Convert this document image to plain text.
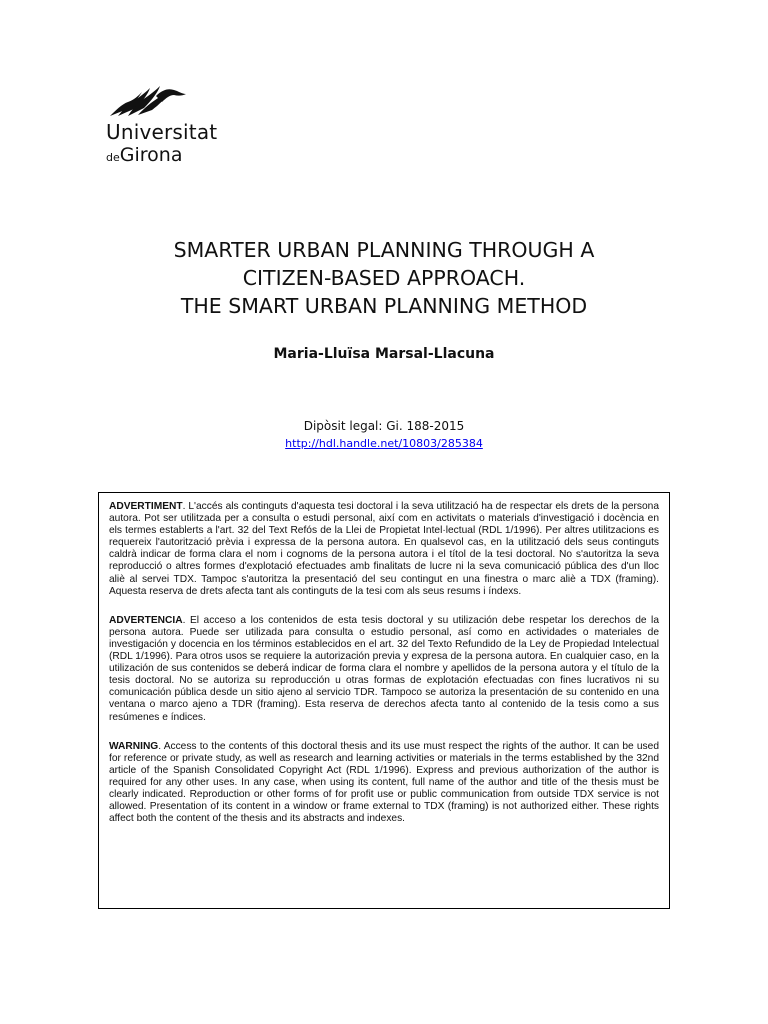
Universitat
deGirona
SMARTER URBAN PLANNING THROUGH A
CITIZEN-BASED APPROACH.
THE SMART URBAN PLANNING METHOD
Maria-Lluïsa Marsal-Llacuna
Dipòsit legal: Gi. 188-2015
http://hdl.handle.net/10803/285384

ADVERTIMENT. L'accés als continguts d'aquesta tesi doctoral i la seva utilització ha de respectar els drets de la persona autora. Pot ser utilitzada per a consulta o estudi personal, així com en activitats o materials d'investigació i docència en els termes establerts a l'art. 32 del Text Refós de la Llei de Propietat Intel·lectual (RDL 1/1996). Per altres utilitzacions es requereix l'autorització prèvia i expressa de la persona autora. En qualsevol cas, en la utilització dels seus continguts caldrà indicar de forma clara el nom i cognoms de la persona autora i el títol de la tesi doctoral. No s'autoritza la seva reproducció o altres formes d'explotació efectuades amb finalitats de lucre ni la seva comunicació pública des d'un lloc aliè al servei TDX. Tampoc s'autoritza la presentació del seu contingut en una finestra o marc aliè a TDX (framing). Aquesta reserva de drets afecta tant als continguts de la tesi com als seus resums i índexs.

ADVERTENCIA. El acceso a los contenidos de esta tesis doctoral y su utilización debe respetar los derechos de la persona autora. Puede ser utilizada para consulta o estudio personal, así como en actividades o materiales de investigación y docencia en los términos establecidos en el art. 32 del Texto Refundido de la Ley de Propiedad Intelectual (RDL 1/1996). Para otros usos se requiere la autorización previa y expresa de la persona autora. En cualquier caso, en la utilización de sus contenidos se deberá indicar de forma clara el nombre y apellidos de la persona autora y el título de la tesis doctoral. No se autoriza su reproducción u otras formas de explotación efectuadas con fines lucrativos ni su comunicación pública desde un sitio ajeno al servicio TDR. Tampoco se autoriza la presentación de su contenido en una ventana o marco ajeno a TDR (framing). Esta reserva de derechos afecta tanto al contenido de la tesis como a sus resúmenes e índices.

WARNING. Access to the contents of this doctoral thesis and its use must respect the rights of the author. It can be used for reference or private study, as well as research and learning activities or materials in the terms established by the 32nd article of the Spanish Consolidated Copyright Act (RDL 1/1996). Express and previous authorization of the author is required for any other uses. In any case, when using its content, full name of the author and title of the thesis must be clearly indicated. Reproduction or other forms of for profit use or public communication from outside TDX service is not allowed. Presentation of its content in a window or frame external to TDX (framing) is not authorized either. These rights affect both the content of the thesis and its abstracts and indexes.
